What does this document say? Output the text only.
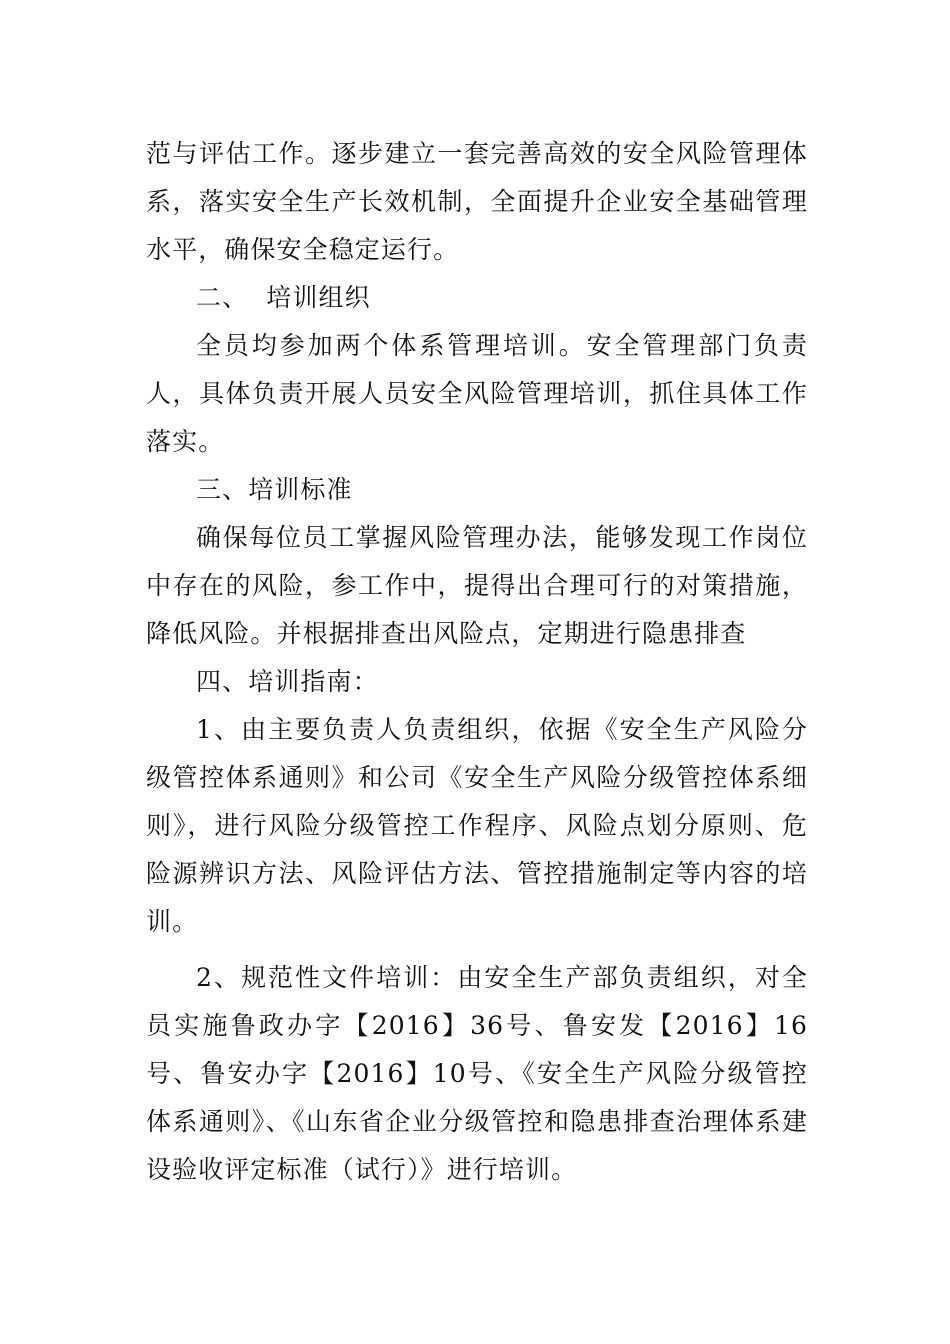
范与评估工作。逐步建立一套完善高效的安全风险管理体系，落实安全生产长效机制，全面提升企业安全基础管理水平，确保安全稳定运行。

二、  培训组织

全员均参加两个体系管理培训。安全管理部门负责人，具体负责开展人员安全风险管理培训，抓住具体工作落实。

三、培训标准

确保每位员工掌握风险管理办法，能够发现工作岗位中存在的风险，参工作中，提得出合理可行的对策措施，降低风险。并根据排查出风险点，定期进行隐患排查

四、培训指南：

1、由主要负责人负责组织，依据《安全生产风险分级管控体系通则》和公司《安全生产风险分级管控体系细则》，进行风险分级管控工作程序、风险点划分原则、危险源辨识方法、风险评估方法、管控措施制定等内容的培训。

2、规范性文件培训：由安全生产部负责组织，对全员实施鲁政办字【2016】36号、鲁安发【2016】16号、鲁安办字【2016】10号、《安全生产风险分级管控体系通则》、《山东省企业分级管控和隐患排查治理体系建设验收评定标准（试行）》进行培训。
